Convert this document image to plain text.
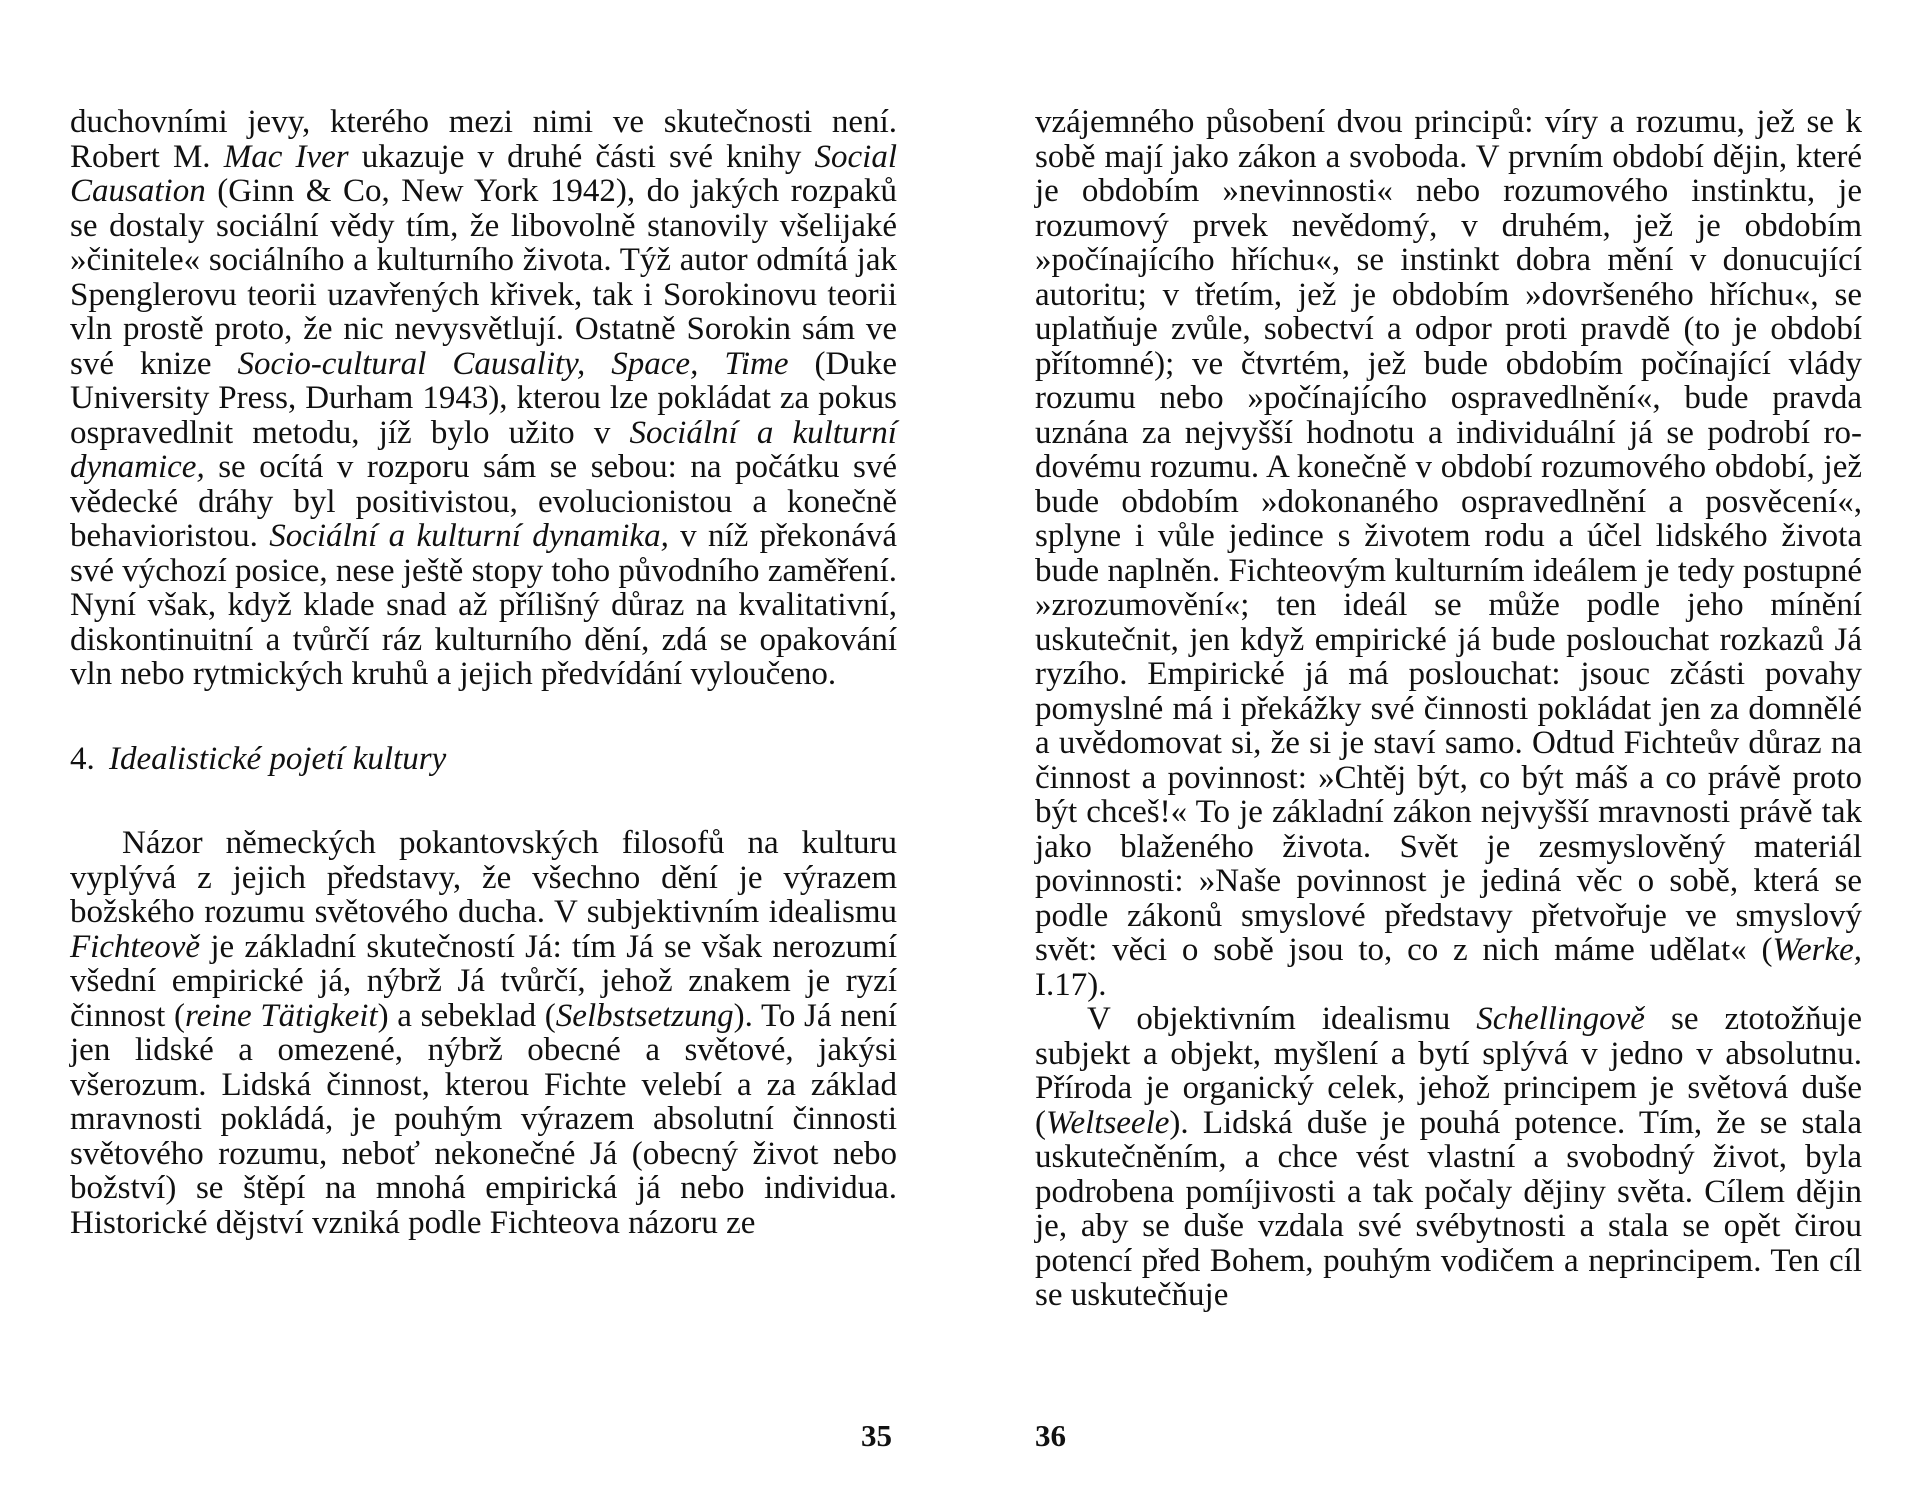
duchovními jevy, kterého mezi nimi ve skutečnosti není. Robert M. Mac Iver ukazuje v druhé části své knihy Social Causation (Ginn & Co, New York 1942), do jakých rozpaků se dostaly sociální vědy tím, že libovolně stanovily všelijaké »činitele« sociálního a kulturního života. Týž autor odmítá jak Spenglerovu teorii uzavřených křivek, tak i Sorokinovu teorii vln prostě proto, že nic nevysvětlují. Ostatně Sorokin sám ve své knize Socio-cultural Causality, Space, Time (Duke University Press, Durham 1943), kterou lze pokládat za pokus ospravedlnit metodu, jíž bylo užito v Sociální a kulturní dynamice, se ocítá v rozporu sám se sebou: na počátku své vědecké dráhy byl positivistou, evolucionistou a konečně behavioristou. Sociální a kulturní dynamika, v níž překonává své výchozí posice, nese ještě stopy toho původního zaměření. Nyní však, když klade snad až přílišný důraz na kvalitativní, diskontinuitní a tvůrčí ráz kulturního dění, zdá se opakování vln nebo rytmických kruhů a jejich předvídání vyloučeno.

4. Idealistické pojetí kultury

Názor německých pokantovských filosofů na kulturu vyplývá z jejich představy, že všechno dění je výrazem božského rozumu světového ducha. V subjektivním idealismu Fichteově je základní skutečností Já: tím Já se však nerozumí všední empirické já, nýbrž Já tvůrčí, jehož znakem je ryzí činnost (reine Tätigkeit) a sebeklad (Selbstsetzung). To Já není jen lidské a omezené, nýbrž obecné a světové, jakýsi všerozum. Lidská činnost, kterou Fichte velebí a za základ mravnosti pokládá, je pouhým výrazem absolutní činnosti světového rozumu, neboť nekonečné Já (obecný život nebo božství) se štěpí na mnohá empirická já nebo individua. Historické dějství vzniká podle Fichteova názoru ze

vzájemného působení dvou principů: víry a rozumu, jež se k sobě mají jako zákon a svoboda. V prvním období dějin, které je obdobím »nevinnosti« nebo rozumového instinktu, je rozumový prvek nevědomý, v druhém, jež je obdobím »počínajícího hříchu«, se instinkt dobra mění v donucující autoritu; v třetím, jež je obdobím »dovršeného hříchu«, se uplatňuje zvůle, sobectví a odpor proti pravdě (to je období přítomné); ve čtvrtém, jež bude obdobím počínající vlády rozumu nebo »počínajícího ospravedlnění«, bude pravda uznána za nejvyšší hodnotu a individuální já se podrobí rodovému rozumu. A konečně v období rozumového období, jež bude obdobím »dokonaného ospravedlnění a posvěcení«, splyne i vůle jedince s životem rodu a účel lidského života bude naplněn. Fichteovým kulturním ideálem je tedy postupné »zrozumovění«; ten ideál se může podle jeho mínění uskutečnit, jen když empirické já bude poslouchat rozkazů Já ryzího. Empirické já má poslouchat: jsouc zčásti povahy pomyslné má i překážky své činnosti pokládat jen za domnělé a uvědomovat si, že si je staví samo. Odtud Fichteův důraz na činnost a povinnost: »Chtěj být, co být máš a co právě proto být chceš!« To je základní zákon nejvyšší mravnosti právě tak jako blaženého života. Svět je zesmyslověný materiál povinnosti: »Naše povinnost je jediná věc o sobě, která se podle zákonů smyslové představy přetvořuje ve smyslový svět: věci o sobě jsou to, co z nich máme udělat« (Werke, I.17).

V objektivním idealismu Schellingově se ztotožňuje subjekt a objekt, myšlení a bytí splývá v jedno v absolutnu. Příroda je organický celek, jehož principem je světová duše (Weltseele). Lidská duše je pouhá potence. Tím, že se stala uskutečněním, a chce vést vlastní a svobodný život, byla podrobena pomíjivosti a tak počaly dějiny světa. Cílem dějin je, aby se duše vzdala své svébytnosti a stala se opět čirou potencí před Bohem, pouhým vodičem a neprincipem. Ten cíl se uskutečňuje

35	36
